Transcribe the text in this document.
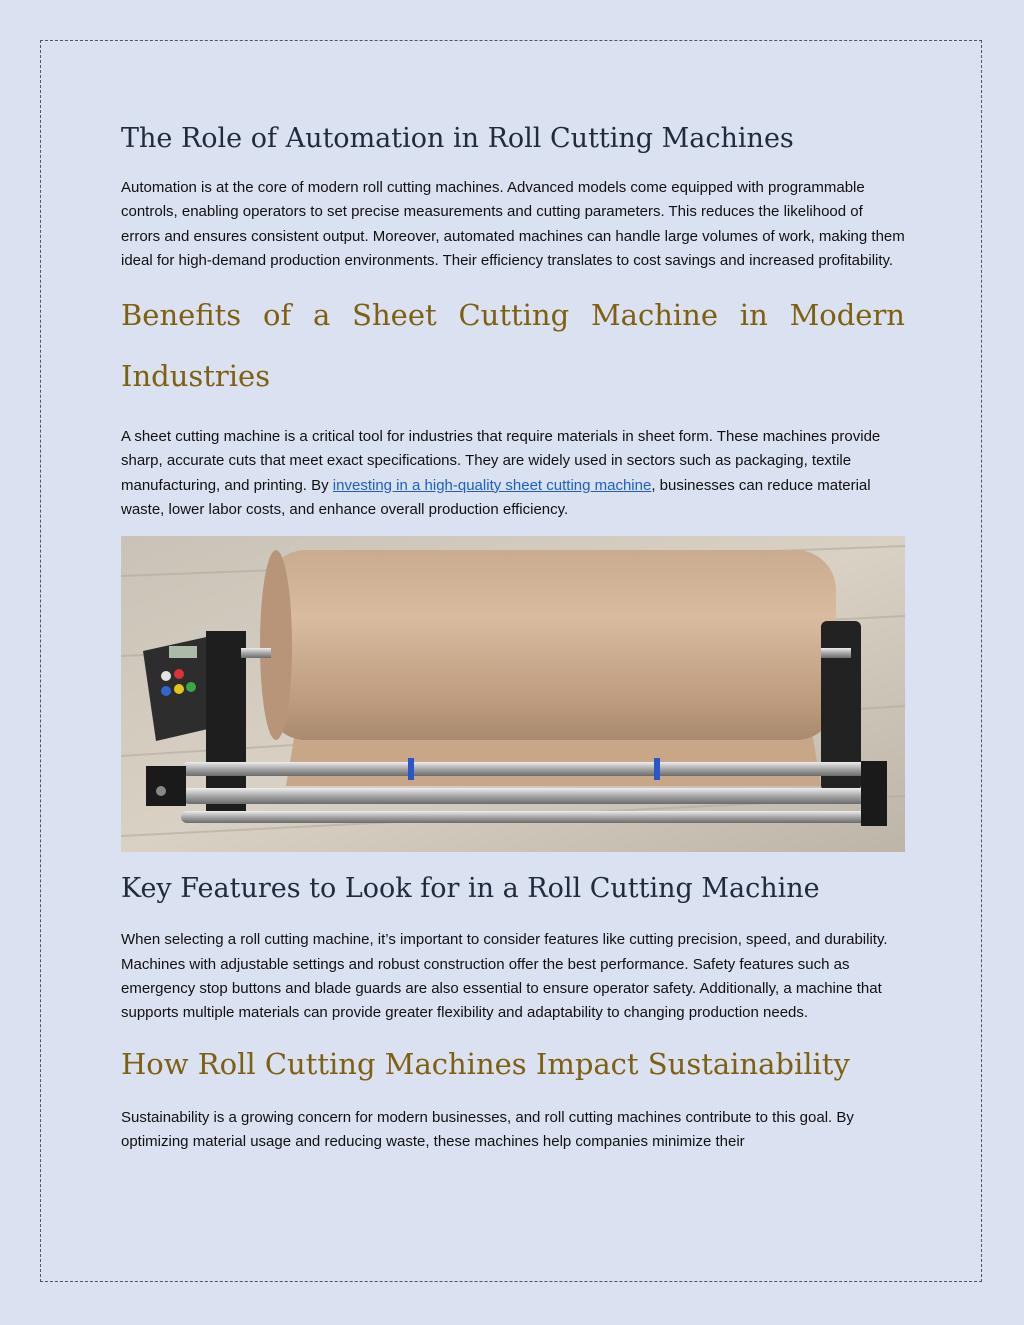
The Role of Automation in Roll Cutting Machines

Automation is at the core of modern roll cutting machines. Advanced models come equipped with programmable controls, enabling operators to set precise measurements and cutting parameters. This reduces the likelihood of errors and ensures consistent output. Moreover, automated machines can handle large volumes of work, making them ideal for high-demand production environments. Their efficiency translates to cost savings and increased profitability.

Benefits of a Sheet Cutting Machine in Modern Industries

A sheet cutting machine is a critical tool for industries that require materials in sheet form. These machines provide sharp, accurate cuts that meet exact specifications. They are widely used in sectors such as packaging, textile manufacturing, and printing. By investing in a high-quality sheet cutting machine, businesses can reduce material waste, lower labor costs, and enhance overall production efficiency.

Key Features to Look for in a Roll Cutting Machine

When selecting a roll cutting machine, it’s important to consider features like cutting precision, speed, and durability. Machines with adjustable settings and robust construction offer the best performance. Safety features such as emergency stop buttons and blade guards are also essential to ensure operator safety. Additionally, a machine that supports multiple materials can provide greater flexibility and adaptability to changing production needs.

How Roll Cutting Machines Impact Sustainability

Sustainability is a growing concern for modern businesses, and roll cutting machines contribute to this goal. By optimizing material usage and reducing waste, these machines help companies minimize their
